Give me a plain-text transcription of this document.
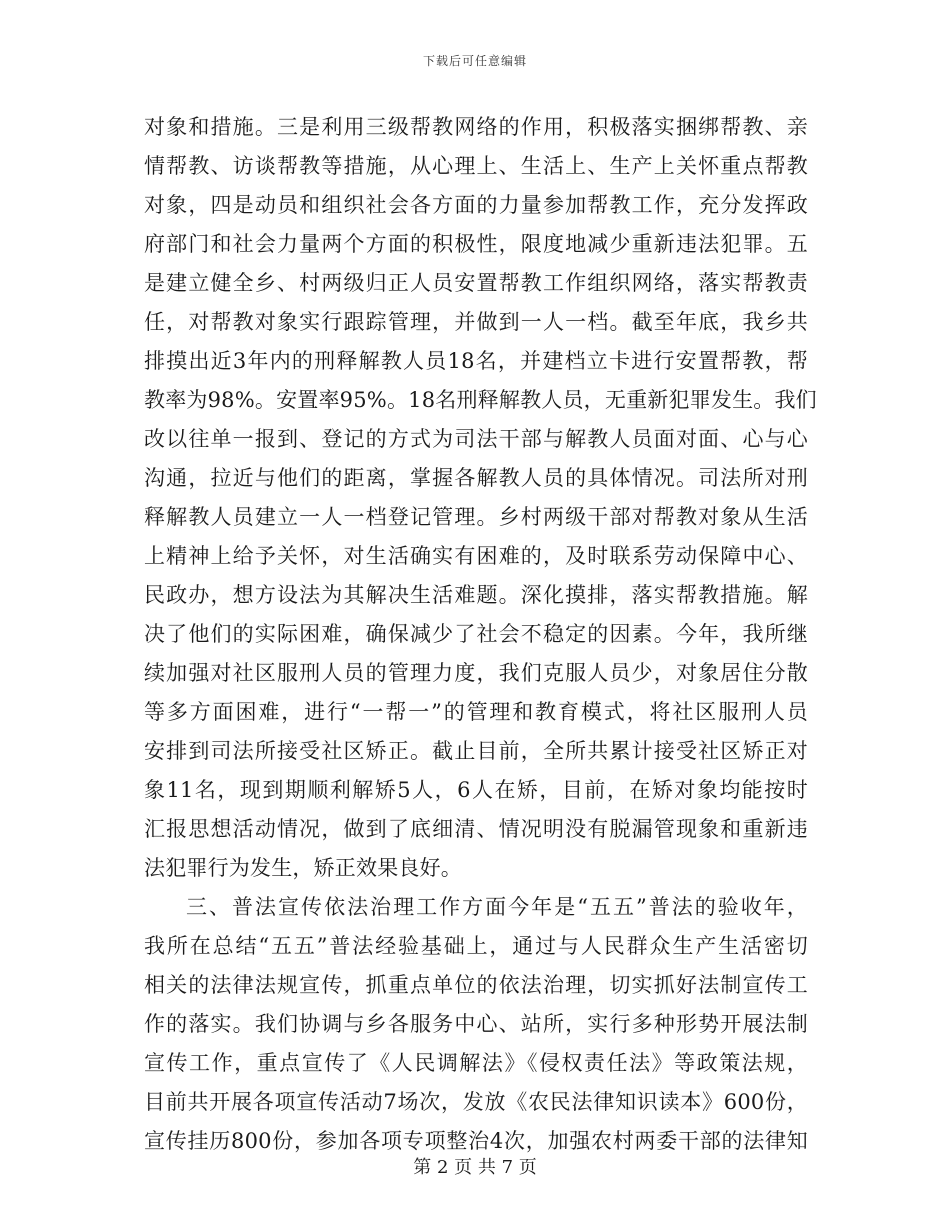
下载后可任意编辑
对象和措施。三是利用三级帮教网络的作用，积极落实捆绑帮教、亲
情帮教、访谈帮教等措施，从心理上、生活上、生产上关怀重点帮教
对象，四是动员和组织社会各方面的力量参加帮教工作，充分发挥政
府部门和社会力量两个方面的积极性，限度地减少重新违法犯罪。五
是建立健全乡、村两级归正人员安置帮教工作组织网络，落实帮教责
任，对帮教对象实行跟踪管理，并做到一人一档。截至年底，我乡共
排摸出近3年内的刑释解教人员18名，并建档立卡进行安置帮教，帮
教率为98%。安置率95%。18名刑释解教人员，无重新犯罪发生。我们
改以往单一报到、登记的方式为司法干部与解教人员面对面、心与心
沟通，拉近与他们的距离，掌握各解教人员的具体情况。司法所对刑
释解教人员建立一人一档登记管理。乡村两级干部对帮教对象从生活
上精神上给予关怀，对生活确实有困难的，及时联系劳动保障中心、
民政办，想方设法为其解决生活难题。深化摸排，落实帮教措施。解
决了他们的实际困难，确保减少了社会不稳定的因素。今年，我所继
续加强对社区服刑人员的管理力度，我们克服人员少，对象居住分散
等多方面困难，进行“一帮一”的管理和教育模式，将社区服刑人员
安排到司法所接受社区矫正。截止目前，全所共累计接受社区矫正对
象11名，现到期顺利解矫5人，6人在矫，目前，在矫对象均能按时
汇报思想活动情况，做到了底细清、情况明没有脱漏管现象和重新违
法犯罪行为发生，矫正效果良好。
三、普法宣传依法治理工作方面今年是“五五”普法的验收年，
我所在总结“五五”普法经验基础上，通过与人民群众生产生活密切
相关的法律法规宣传，抓重点单位的依法治理，切实抓好法制宣传工
作的落实。我们协调与乡各服务中心、站所，实行多种形势开展法制
宣传工作，重点宣传了《人民调解法》《侵权责任法》等政策法规，
目前共开展各项宣传活动7场次，发放《农民法律知识读本》600份，
宣传挂历800份，参加各项专项整治4次，加强农村两委干部的法律知
第 2 页 共 7 页
